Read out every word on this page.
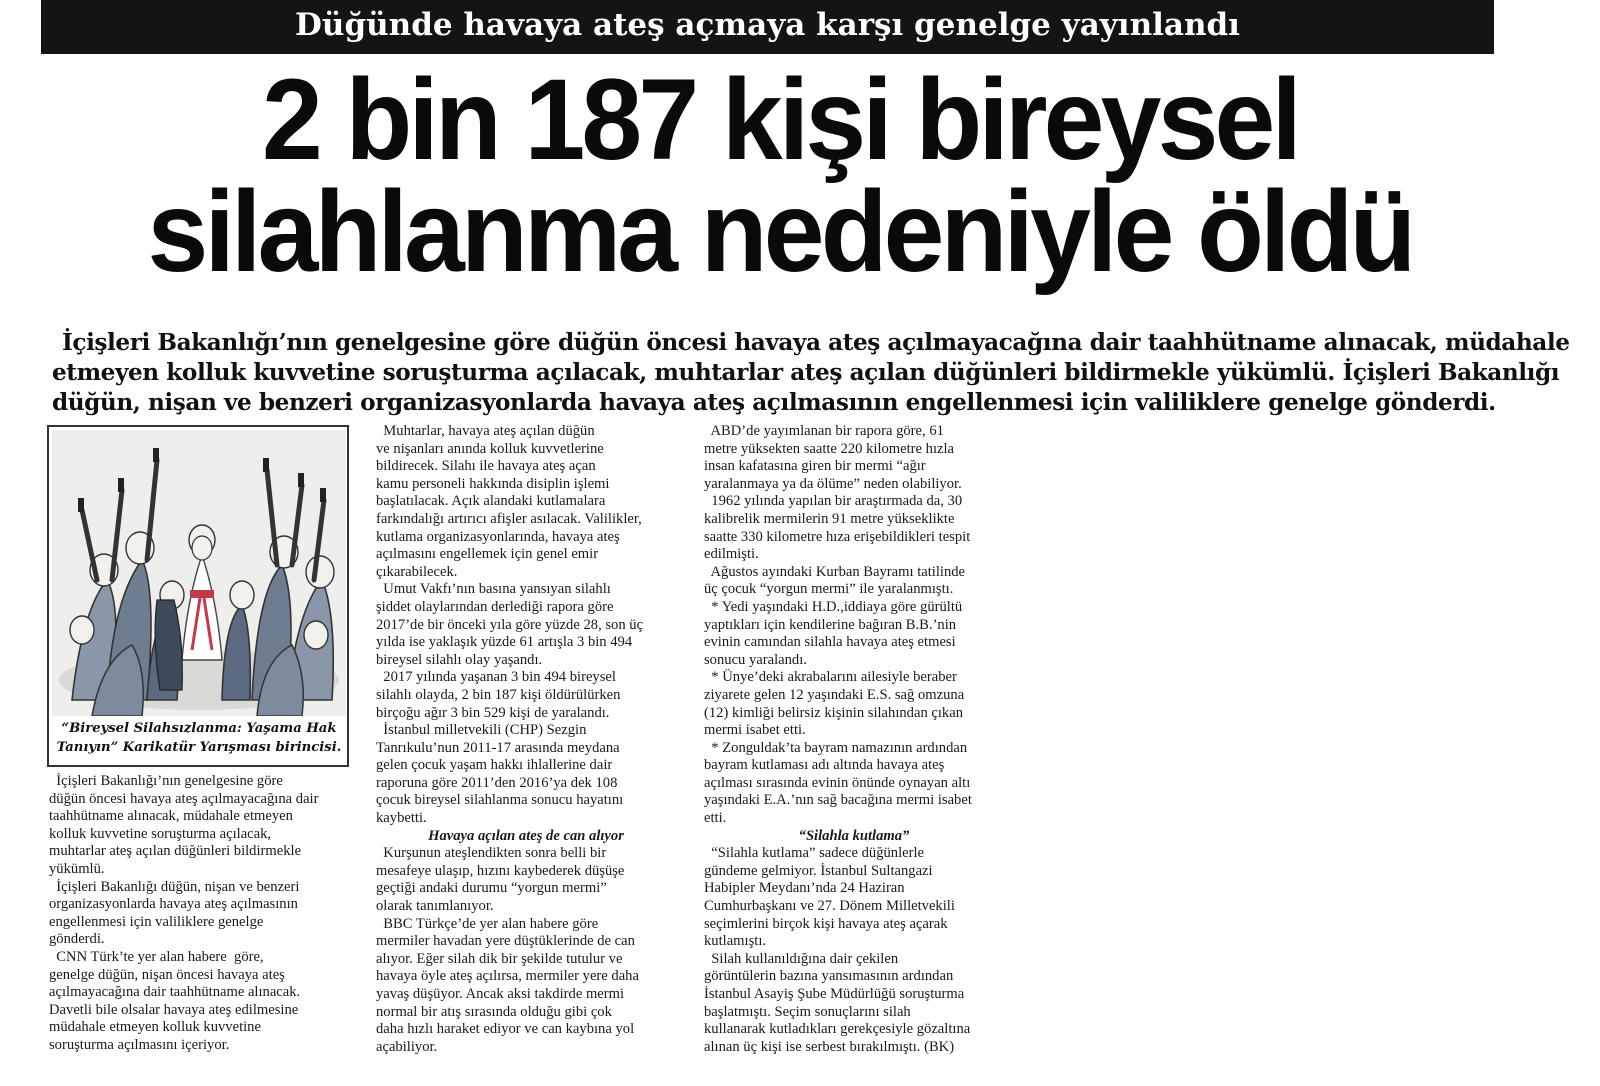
Düğünde havaya ateş açmaya karşı genelge yayınlandı
2 bin 187 kişi bireysel
silahlanma nedeniyle öldü
İçişleri Bakanlığı’nın genelgesine göre düğün öncesi havaya ateş açılmayacağına dair taahhütname alınacak, müdahale
etmeyen kolluk kuvvetine soruşturma açılacak, muhtarlar ateş açılan düğünleri bildirmekle yükümlü. İçişleri Bakanlığı
düğün, nişan ve benzeri organizasyonlarda havaya ateş açılmasının engellenmesi için valiliklere genelge gönderdi.
“Bireysel Silahsızlanma: Yaşama Hak
Tanıyın” Karikatür Yarışması birincisi.

İçişleri Bakanlığı’nın genelgesine göre

düğün öncesi havaya ateş açılmayacağına dair

taahhütname alınacak, müdahale etmeyen

kolluk kuvvetine soruşturma açılacak,

muhtarlar ateş açılan düğünleri bildirmekle

yükümlü.

İçişleri Bakanlığı düğün, nişan ve benzeri

organizasyonlarda havaya ateş açılmasının

engellenmesi için valiliklere genelge

gönderdi.

CNN Türk’te yer alan habere  göre,

genelge düğün, nişan öncesi havaya ateş

açılmayacağına dair taahhütname alınacak.

Davetli bile olsalar havaya ateş edilmesine

müdahale etmeyen kolluk kuvvetine

soruşturma açılmasını içeriyor.

Muhtarlar, havaya ateş açılan düğün

ve nişanları anında kolluk kuvvetlerine

bildirecek. Silahı ile havaya ateş açan

kamu personeli hakkında disiplin işlemi

başlatılacak. Açık alandaki kutlamalara

farkındalığı artırıcı afişler asılacak. Valilikler,

kutlama organizasyonlarında, havaya ateş

açılmasını engellemek için genel emir

çıkarabilecek.

Umut Vakfı’nın basına yansıyan silahlı

şiddet olaylarından derlediği rapora göre

2017’de bir önceki yıla göre yüzde 28, son üç

yılda ise yaklaşık yüzde 61 artışla 3 bin 494

bireysel silahlı olay yaşandı.

2017 yılında yaşanan 3 bin 494 bireysel

silahlı olayda, 2 bin 187 kişi öldürülürken

birçoğu ağır 3 bin 529 kişi de yaralandı.

İstanbul milletvekili (CHP) Sezgin

Tanrıkulu’nun 2011-17 arasında meydana

gelen çocuk yaşam hakkı ihlallerine dair

raporuna göre 2011’den 2016’ya dek 108

çocuk bireysel silahlanma sonucu hayatını

kaybetti.

Havaya açılan ateş de can alıyor

Kurşunun ateşlendikten sonra belli bir

mesafeye ulaşıp, hızını kaybederek düşüşe

geçtiği andaki durumu “yorgun mermi”

olarak tanımlanıyor.

BBC Türkçe’de yer alan habere göre

mermiler havadan yere düştüklerinde de can

alıyor. Eğer silah dik bir şekilde tutulur ve

havaya öyle ateş açılırsa, mermiler yere daha

yavaş düşüyor. Ancak aksi takdirde mermi

normal bir atış sırasında olduğu gibi çok

daha hızlı haraket ediyor ve can kaybına yol

açabiliyor.

ABD’de yayımlanan bir rapora göre, 61

metre yüksekten saatte 220 kilometre hızla

insan kafatasına giren bir mermi “ağır

yaralanmaya ya da ölüme” neden olabiliyor.

1962 yılında yapılan bir araştırmada da, 30

kalibrelik mermilerin 91 metre yükseklikte

saatte 330 kilometre hıza erişebildikleri tespit

edilmişti.

Ağustos ayındaki Kurban Bayramı tatilinde

üç çocuk “yorgun mermi” ile yaralanmıştı.

* Yedi yaşındaki H.D.,iddiaya göre gürültü

yaptıkları için kendilerine bağıran B.B.’nin

evinin camından silahla havaya ateş etmesi

sonucu yaralandı.

* Ünye’deki akrabalarını ailesiyle beraber

ziyarete gelen 12 yaşındaki E.S. sağ omzuna

(12) kimliği belirsiz kişinin silahından çıkan

mermi isabet etti.

* Zonguldak’ta bayram namazının ardından

bayram kutlaması adı altında havaya ateş

açılması sırasında evinin önünde oynayan altı

yaşındaki E.A.’nın sağ bacağına mermi isabet

etti.

“Silahla kutlama”

“Silahla kutlama” sadece düğünlerle

gündeme gelmiyor. İstanbul Sultangazi

Habipler Meydanı’nda 24 Haziran

Cumhurbaşkanı ve 27. Dönem Milletvekili

seçimlerini birçok kişi havaya ateş açarak

kutlamıştı.

Silah kullanıldığına dair çekilen

görüntülerin bazına yansımasının ardından

İstanbul Asayiş Şube Müdürlüğü soruşturma

başlatmıştı. Seçim sonuçlarını silah

kullanarak kutladıkları gerekçesiyle gözaltına

alınan üç kişi ise serbest bırakılmıştı. (BK)
